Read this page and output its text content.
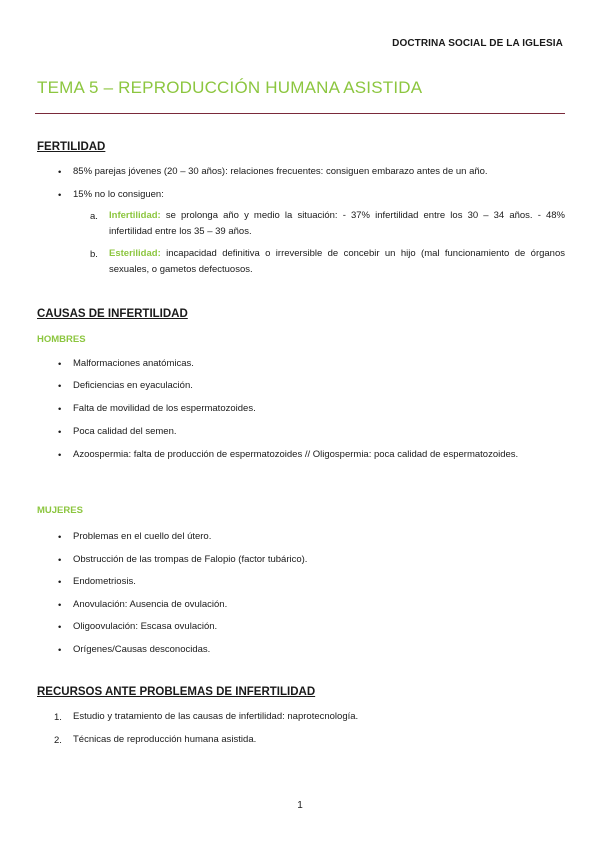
DOCTRINA SOCIAL DE LA IGLESIA
TEMA 5 – REPRODUCCIÓN HUMANA ASISTIDA
FERTILIDAD
• 85% parejas jóvenes (20 – 30 años): relaciones frecuentes: consiguen embarazo antes de un año.
• 15% no lo consiguen:
a. Infertilidad: se prolonga año y medio la situación: - 37% infertilidad entre los 30 – 34 años. - 48% infertilidad entre los 35 – 39 años.
b. Esterilidad: incapacidad definitiva o irreversible de concebir un hijo (mal funcionamiento de órganos sexuales, o gametos defectuosos.
CAUSAS DE INFERTILIDAD
HOMBRES
• Malformaciones anatómicas.
• Deficiencias en eyaculación.
• Falta de movilidad de los espermatozoides.
• Poca calidad del semen.
• Azoospermia: falta de producción de espermatozoides // Oligospermia: poca calidad de espermatozoides.
MUJERES
• Problemas en el cuello del útero.
• Obstrucción de las trompas de Falopio (factor tubárico).
• Endometriosis.
• Anovulación: Ausencia de ovulación.
• Oligoovulación: Escasa ovulación.
• Orígenes/Causas desconocidas.
RECURSOS ANTE PROBLEMAS DE INFERTILIDAD
1. Estudio y tratamiento de las causas de infertilidad: naprotecnología.
2. Técnicas de reproducción humana asistida.
1
